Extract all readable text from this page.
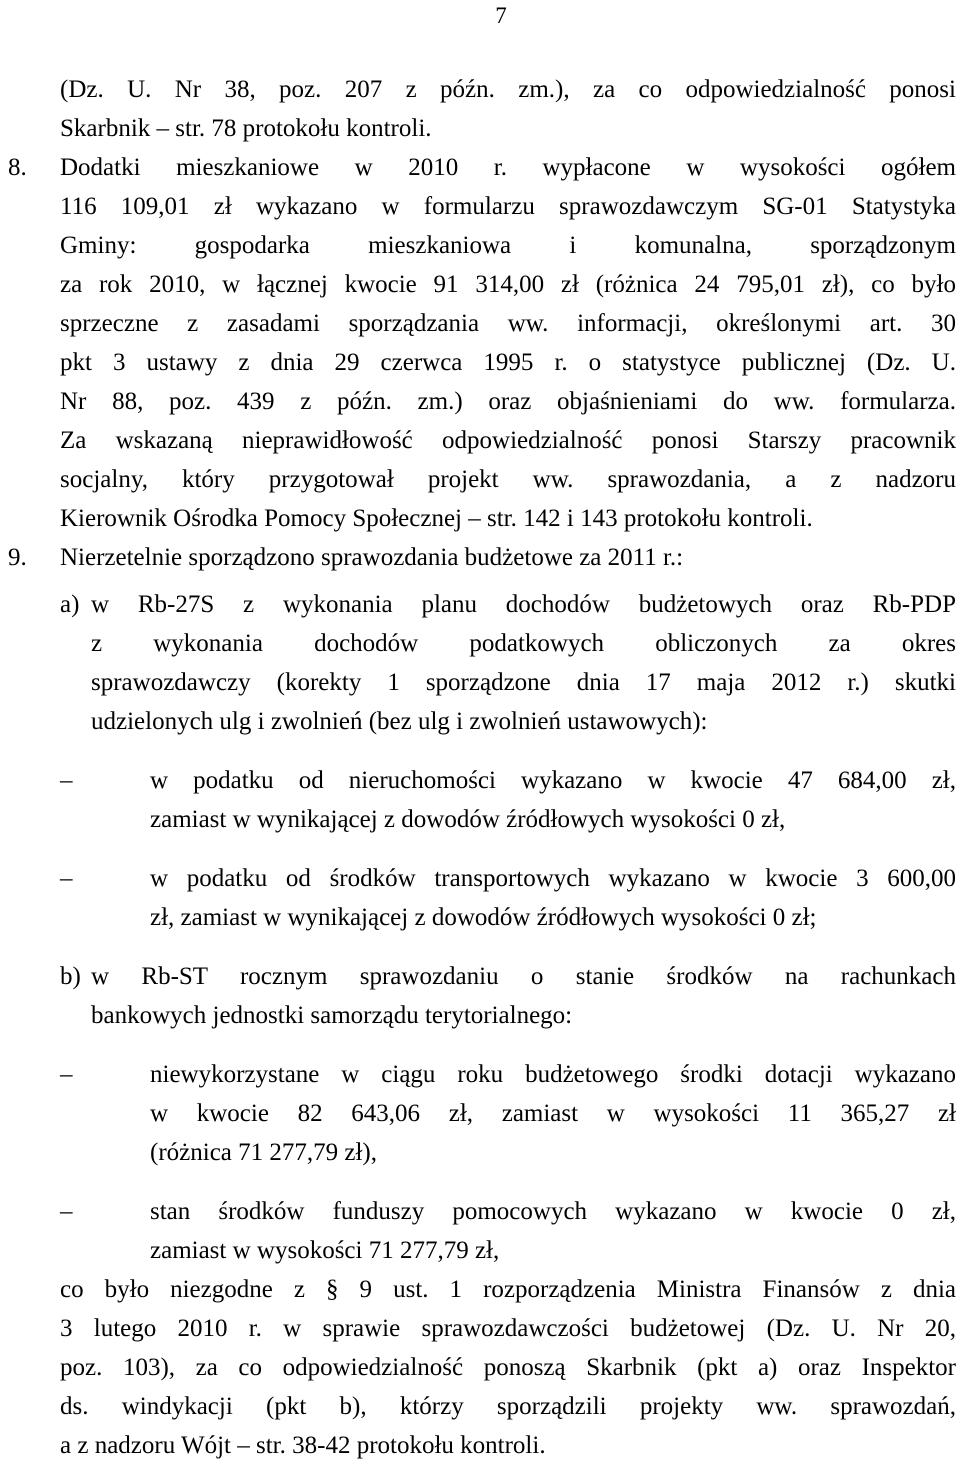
7
(Dz. U. Nr 38, poz. 207 z późn. zm.), za co odpowiedzialność ponosi
Skarbnik – str. 78 protokołu kontroli.
8. Dodatki mieszkaniowe w 2010 r. wypłacone w wysokości ogółem
116 109,01 zł wykazano w formularzu sprawozdawczym SG-01 Statystyka
Gminy: gospodarka mieszkaniowa i komunalna, sporządzonym
za rok 2010, w łącznej kwocie 91 314,00 zł (różnica 24 795,01 zł), co było
sprzeczne z zasadami sporządzania ww. informacji, określonymi art. 30
pkt 3 ustawy z dnia 29 czerwca 1995 r. o statystyce publicznej (Dz. U.
Nr 88, poz. 439 z późn. zm.) oraz objaśnieniami do ww. formularza.
Za wskazaną nieprawidłowość odpowiedzialność ponosi Starszy pracownik
socjalny, który przygotował projekt ww. sprawozdania, a z nadzoru
Kierownik Ośrodka Pomocy Społecznej – str. 142 i 143 protokołu kontroli.
9. Nierzetelnie sporządzono sprawozdania budżetowe za 2011 r.:
a) w Rb-27S z wykonania planu dochodów budżetowych oraz Rb-PDP
z wykonania dochodów podatkowych obliczonych za okres
sprawozdawczy (korekty 1 sporządzone dnia 17 maja 2012 r.) skutki
udzielonych ulg i zwolnień (bez ulg i zwolnień ustawowych):
–	w podatku od nieruchomości wykazano w kwocie 47 684,00 zł,
zamiast w wynikającej z dowodów źródłowych wysokości 0 zł,
–	w podatku od środków transportowych wykazano w kwocie 3 600,00
zł, zamiast w wynikającej z dowodów źródłowych wysokości 0 zł;
b) w Rb-ST rocznym sprawozdaniu o stanie środków na rachunkach
bankowych jednostki samorządu terytorialnego:
–	niewykorzystane w ciągu roku budżetowego środki dotacji wykazano
w kwocie 82 643,06 zł, zamiast w wysokości 11 365,27 zł
(różnica 71 277,79 zł),
–	stan środków funduszy pomocowych wykazano w kwocie 0 zł,
zamiast w wysokości 71 277,79 zł,
co było niezgodne z § 9 ust. 1 rozporządzenia Ministra Finansów z dnia
3 lutego 2010 r. w sprawie sprawozdawczości budżetowej (Dz. U. Nr 20,
poz. 103), za co odpowiedzialność ponoszą Skarbnik (pkt a) oraz Inspektor
ds. windykacji (pkt b), którzy sporządzili projekty ww. sprawozdań,
a z nadzoru Wójt – str. 38-42 protokołu kontroli.
